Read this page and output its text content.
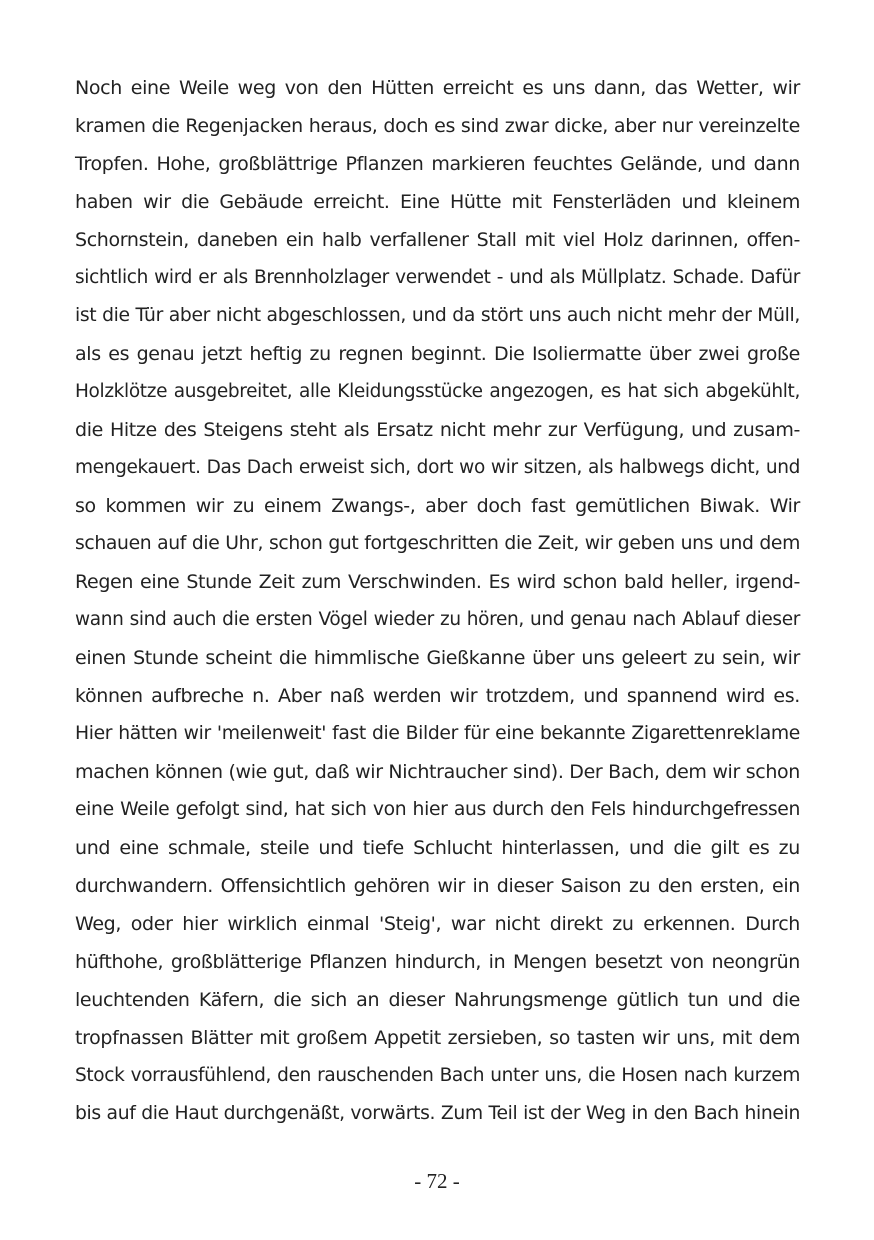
Noch eine Weile weg von den Hütten erreicht es uns dann, das Wetter, wir
kramen die Regenjacken heraus, doch es sind zwar dicke, aber nur vereinzelte
Tropfen. Hohe, großblättrige Pflanzen markieren feuchtes Gelände, und dann
haben wir die Gebäude erreicht. Eine Hütte mit Fensterläden und kleinem
Schornstein, daneben ein halb verfallener Stall mit viel Holz darinnen, offen-
sichtlich wird er als Brennholzlager verwendet - und als Müllplatz. Schade. Dafür
ist die Tür aber nicht abgeschlossen, und da stört uns auch nicht mehr der Müll,
als es genau jetzt heftig zu regnen beginnt. Die Isoliermatte über zwei große
Holzklötze ausgebreitet, alle Kleidungsstücke angezogen, es hat sich abgekühlt,
die Hitze des Steigens steht als Ersatz nicht mehr zur Verfügung, und zusam-
mengekauert. Das Dach erweist sich, dort wo wir sitzen, als halbwegs dicht, und
so kommen wir zu einem Zwangs-, aber doch fast gemütlichen Biwak. Wir
schauen auf die Uhr, schon gut fortgeschritten die Zeit, wir geben uns und dem
Regen eine Stunde Zeit zum Verschwinden. Es wird schon bald heller, irgend-
wann sind auch die ersten Vögel wieder zu hören, und genau nach Ablauf dieser
einen Stunde scheint die himmlische Gießkanne über uns geleert zu sein, wir
können aufbreche n. Aber naß werden wir trotzdem, und spannend wird es.
Hier hätten wir 'meilenweit' fast die Bilder für eine bekannte Zigarettenreklame
machen können (wie gut, daß wir Nichtraucher sind). Der Bach, dem wir schon
eine Weile gefolgt sind, hat sich von hier aus durch den Fels hindurchgefressen
und eine schmale, steile und tiefe Schlucht hinterlassen, und die gilt es zu
durchwandern. Offensichtlich gehören wir in dieser Saison zu den ersten, ein
Weg, oder hier wirklich einmal 'Steig', war nicht direkt zu erkennen. Durch
hüfthohe, großblätterige Pflanzen hindurch, in Mengen besetzt von neongrün
leuchtenden Käfern, die sich an dieser Nahrungsmenge gütlich tun und die
tropfnassen Blätter mit großem Appetit zersieben, so tasten wir uns, mit dem
Stock vorrausfühlend, den rauschenden Bach unter uns, die Hosen nach kurzem
bis auf die Haut durchgenäßt, vorwärts. Zum Teil ist der Weg in den Bach hinein
- 72 -
